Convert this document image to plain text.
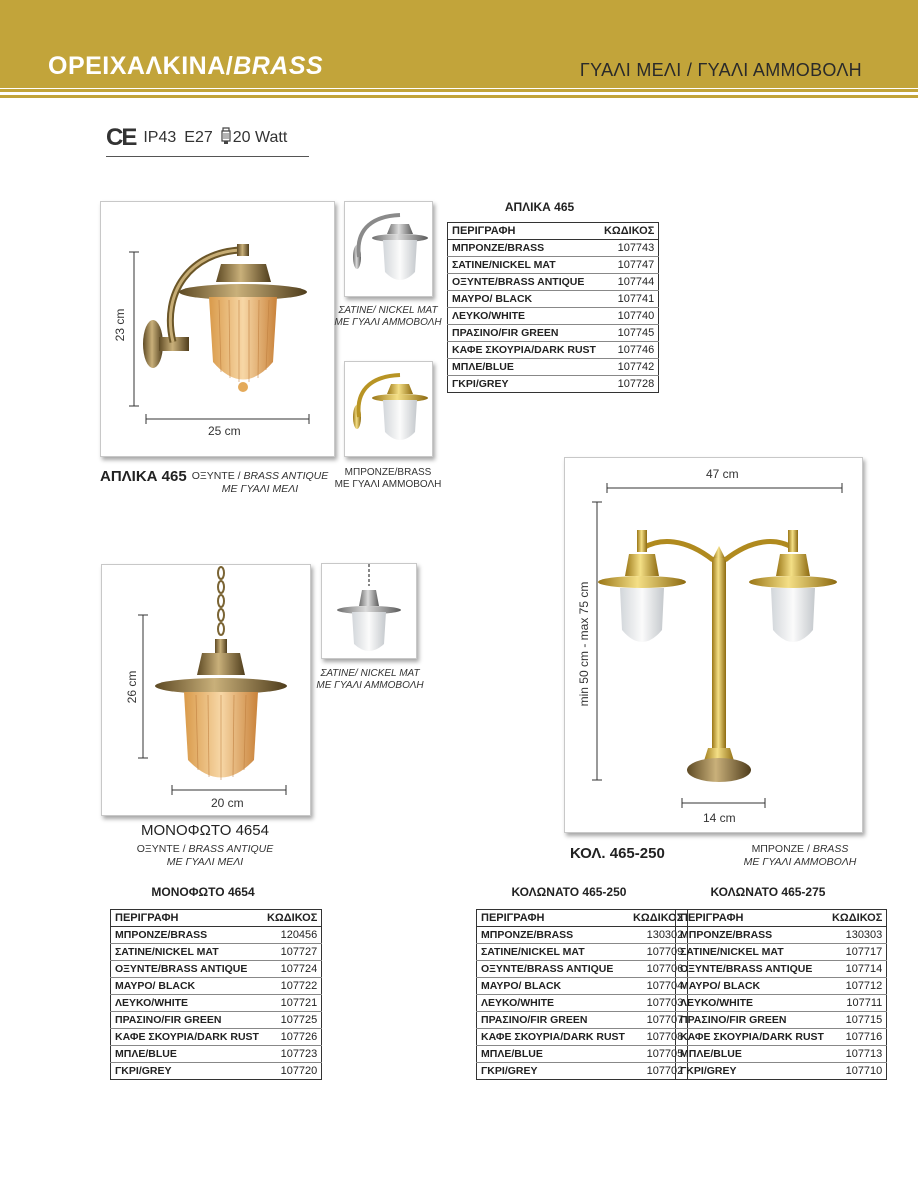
ΟΡΕΙΧΑΛΚΙΝΑ/BRASS	ΓΥΑΛΙ ΜΕΛΙ / ΓΥΑΛΙ ΑΜΜΟΒΟΛΗ
CE IP43 E27 20 Watt
23 cm
25 cm
ΣΑΤΙΝΕ/ NICKEL MAT
ΜΕ ΓΥΑΛΙ ΑΜΜΟΒΟΛΗ
ΜΠΡΟΝΖΕ/BRASS
ΜΕ ΓΥΑΛΙ ΑΜΜΟΒΟΛΗ
ΑΠΛΙΚΑ 465 ΟΞΥΝΤΕ / BRASS ANTIQUE
ΜΕ ΓΥΑΛΙ ΜΕΛΙ
ΑΠΛΙΚΑ 465
ΠΕΡΙΓΡΑΦΗ	ΚΩΔΙΚΟΣ
ΜΠΡΟΝΖΕ/BRASS	107743
ΣΑΤΙΝΕ/NICKEL MAT	107747
ΟΞΥΝΤΕ/BRASS ANTIQUE	107744
ΜΑΥΡΟ/ BLACK	107741
ΛΕΥΚΟ/WHITE	107740
ΠΡΑΣΙΝΟ/FIR GREEN	107745
ΚΑΦΕ ΣΚΟΥΡΙΑ/DARK RUST	107746
ΜΠΛΕ/BLUE	107742
ΓΚΡΙ/GREY	107728
26 cm
20 cm
ΣΑΤΙΝΕ/ NICKEL MAT
ΜΕ ΓΥΑΛΙ ΑΜΜΟΒΟΛΗ
ΜΟΝΟΦΩΤΟ 4654
ΟΞΥΝΤΕ / BRASS ANTIQUE
ΜΕ ΓΥΑΛΙ ΜΕΛΙ
47 cm
min 50 cm - max 75 cm
14 cm
ΚΟΛ. 465-250	ΜΠΡΟΝΖΕ / BRASS
ΜΕ ΓΥΑΛΙ ΑΜΜΟΒΟΛΗ
ΜΟΝΟΦΩΤΟ 4654
ΠΕΡΙΓΡΑΦΗ	ΚΩΔΙΚΟΣ
ΜΠΡΟΝΖΕ/BRASS	120456
ΣΑΤΙΝΕ/NICKEL MAT	107727
ΟΞΥΝΤΕ/BRASS ANTIQUE	107724
ΜΑΥΡΟ/ BLACK	107722
ΛΕΥΚΟ/WHITE	107721
ΠΡΑΣΙΝΟ/FIR GREEN	107725
ΚΑΦΕ ΣΚΟΥΡΙΑ/DARK RUST	107726
ΜΠΛΕ/BLUE	107723
ΓΚΡΙ/GREY	107720
ΚΟΛΩΝΑΤΟ 465-250
ΠΕΡΙΓΡΑΦΗ	ΚΩΔΙΚΟΣ
ΜΠΡΟΝΖΕ/BRASS	130302
ΣΑΤΙΝΕ/NICKEL MAT	107709
ΟΞΥΝΤΕ/BRASS ANTIQUE	107706
ΜΑΥΡΟ/ BLACK	107704
ΛΕΥΚΟ/WHITE	107703
ΠΡΑΣΙΝΟ/FIR GREEN	107707
ΚΑΦΕ ΣΚΟΥΡΙΑ/DARK RUST	107708
ΜΠΛΕ/BLUE	107705
ΓΚΡΙ/GREY	107702
ΚΟΛΩΝΑΤΟ 465-275
ΠΕΡΙΓΡΑΦΗ	ΚΩΔΙΚΟΣ
ΜΠΡΟΝΖΕ/BRASS	130303
ΣΑΤΙΝΕ/NICKEL MAT	107717
ΟΞΥΝΤΕ/BRASS ANTIQUE	107714
ΜΑΥΡΟ/ BLACK	107712
ΛΕΥΚΟ/WHITE	107711
ΠΡΑΣΙΝΟ/FIR GREEN	107715
ΚΑΦΕ ΣΚΟΥΡΙΑ/DARK RUST	107716
ΜΠΛΕ/BLUE	107713
ΓΚΡΙ/GREY	107710
